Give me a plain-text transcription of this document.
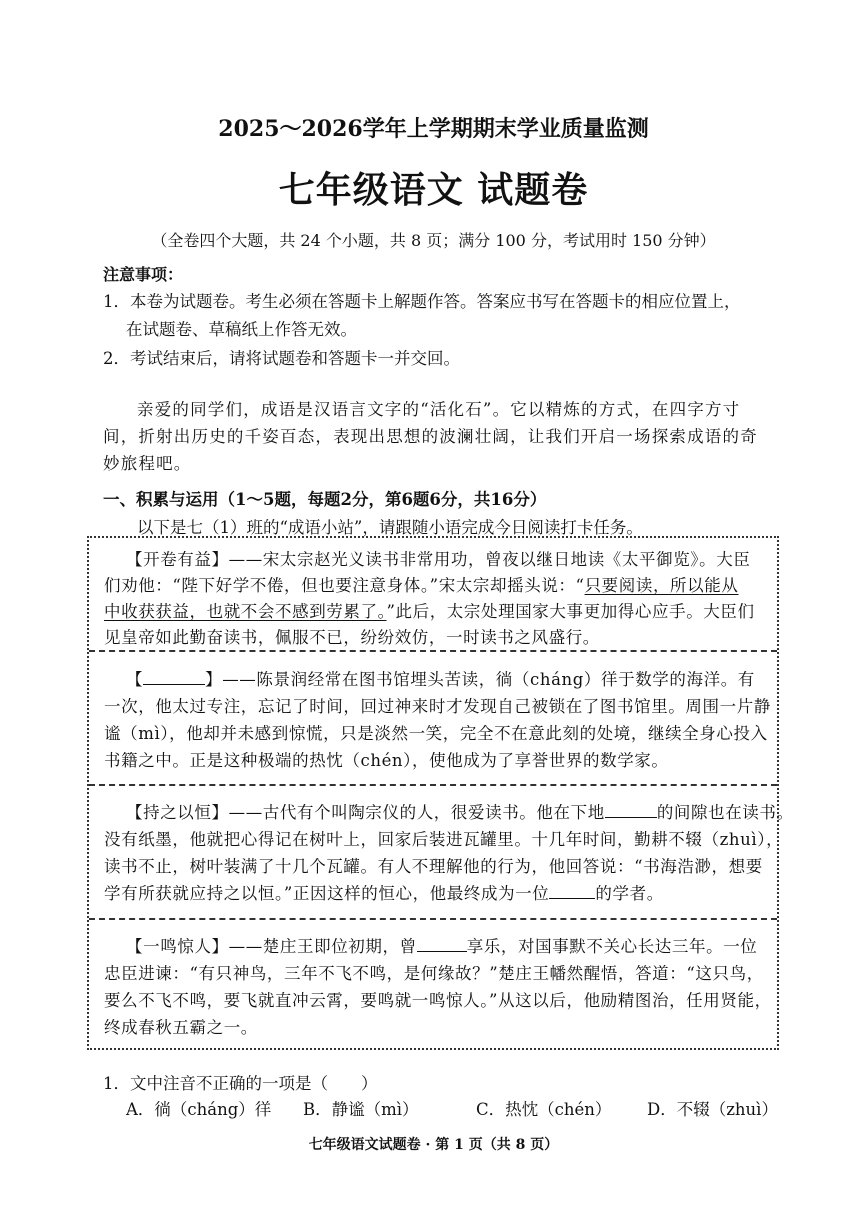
2025～2026学年上学期期末学业质量监测
七年级语文 试题卷
（全卷四个大题，共 24 个小题，共 8 页；满分 100 分，考试用时 150 分钟）
注意事项：
1．本卷为试题卷。考生必须在答题卡上解题作答。答案应书写在答题卡的相应位置上，
在试题卷、草稿纸上作答无效。
2．考试结束后，请将试题卷和答题卡一并交回。
亲爱的同学们，成语是汉语言文字的“活化石”。它以精炼的方式，在四字方寸
间，折射出历史的千姿百态，表现出思想的波澜壮阔，让我们开启一场探索成语的奇
妙旅程吧。
一、积累与运用（1～5题，每题2分，第6题6分，共16分）
以下是七（1）班的“成语小站”，请跟随小语完成今日阅读打卡任务。
【开卷有益】——宋太宗赵光义读书非常用功，曾夜以继日地读《太平御览》。大臣
们劝他：“陛下好学不倦，但也要注意身体。”宋太宗却摇头说：“只要阅读，所以能从
中收获获益，也就不会不感到劳累了。”此后，太宗处理国家大事更加得心应手。大臣们
见皇帝如此勤奋读书，佩服不已，纷纷效仿，一时读书之风盛行。
【	】——陈景润经常在图书馆埋头苦读，徜（cháng）徉于数学的海洋。有
一次，他太过专注，忘记了时间，回过神来时才发现自己被锁在了图书馆里。周围一片静
谧（mì），他却并未感到惊慌，只是淡然一笑，完全不在意此刻的处境，继续全身心投入
书籍之中。正是这种极端的热忱（chén），使他成为了享誉世界的数学家。
【持之以恒】——古代有个叫陶宗仪的人，很爱读书。他在下地	的间隙也在读书。
没有纸墨，他就把心得记在树叶上，回家后装进瓦罐里。十几年时间，勤耕不辍（zhuì），
读书不止，树叶装满了十几个瓦罐。有人不理解他的行为，他回答说：“书海浩渺，想要
学有所获就应持之以恒。”正因这样的恒心，他最终成为一位	的学者。
【一鸣惊人】——楚庄王即位初期，曾	享乐，对国事默不关心长达三年。一位
忠臣进谏：“有只神鸟，三年不飞不鸣，是何缘故？”楚庄王幡然醒悟，答道：“这只鸟，
要么不飞不鸣，要飞就直冲云霄，要鸣就一鸣惊人。”从这以后，他励精图治，任用贤能，
终成春秋五霸之一。
1．文中注音不正确的一项是（　　）
A．徜（cháng）徉 B．静谧（mì）	C．热忱（chén） D．不辍（zhuì）
七年级语文试题卷 · 第 1 页（共 8 页）
